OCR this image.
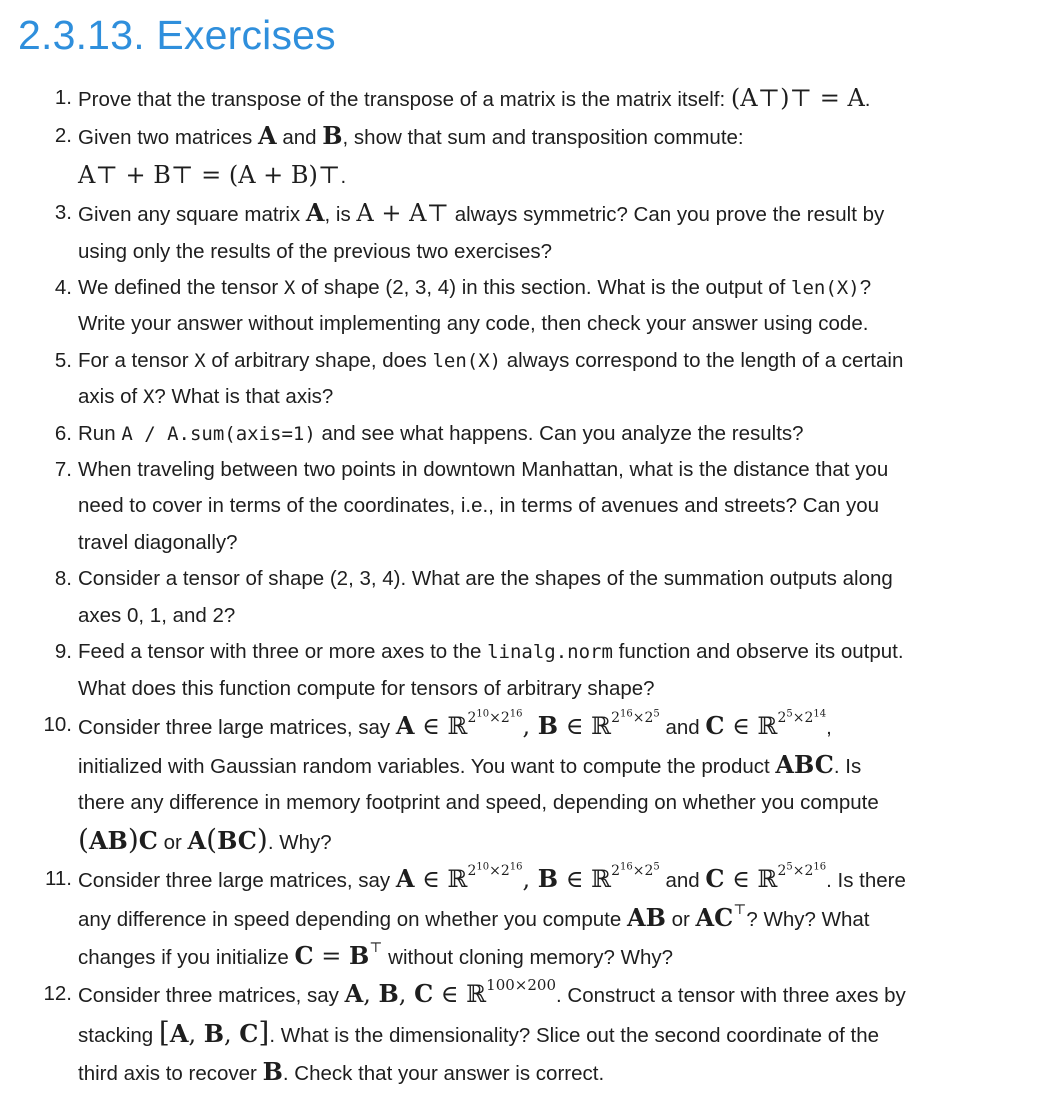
2.3.13. Exercises
1. Prove that the transpose of the transpose of a matrix is the matrix itself: (A⊤)⊤ = A.
2. Given two matrices A and B, show that sum and transposition commute:
A⊤ + B⊤ = (A + B)⊤.
3. Given any square matrix A, is A + A⊤ always symmetric? Can you prove the result by
using only the results of the previous two exercises?
4. We defined the tensor X of shape (2, 3, 4) in this section. What is the output of len(X)?
Write your answer without implementing any code, then check your answer using code.
5. For a tensor X of arbitrary shape, does len(X) always correspond to the length of a certain
axis of X? What is that axis?
6. Run A / A.sum(axis=1) and see what happens. Can you analyze the results?
7. When traveling between two points in downtown Manhattan, what is the distance that you
need to cover in terms of the coordinates, i.e., in terms of avenues and streets? Can you
travel diagonally?
8. Consider a tensor of shape (2, 3, 4). What are the shapes of the summation outputs along
axes 0, 1, and 2?
9. Feed a tensor with three or more axes to the linalg.norm function and observe its output.
What does this function compute for tensors of arbitrary shape?
10. Consider three large matrices, say A ∈ ℝ$^{2^{10}\times 2^{16}}$, B ∈ ℝ$^{2^{16}\times 2^5}$ and C ∈ ℝ$^{2^5\times 2^{14}}$,
initialized with Gaussian random variables. You want to compute the product ABC. Is
there any difference in memory footprint and speed, depending on whether you compute
(AB)C or A(BC). Why?
11. Consider three large matrices, say A ∈ ℝ$^{2^{10}\times 2^{16}}$, B ∈ ℝ$^{2^{16}\times 2^5}$ and C ∈ ℝ$^{2^5\times 2^{16}}$. Is there
any difference in speed depending on whether you compute AB or AC⊤? Why? What
changes if you initialize C = B⊤ without cloning memory? Why?
12. Consider three matrices, say A, B, C ∈ ℝ$^{100\times 200}$. Construct a tensor with three axes by
stacking [A, B, C]. What is the dimensionality? Slice out the second coordinate of the
third axis to recover B. Check that your answer is correct.
